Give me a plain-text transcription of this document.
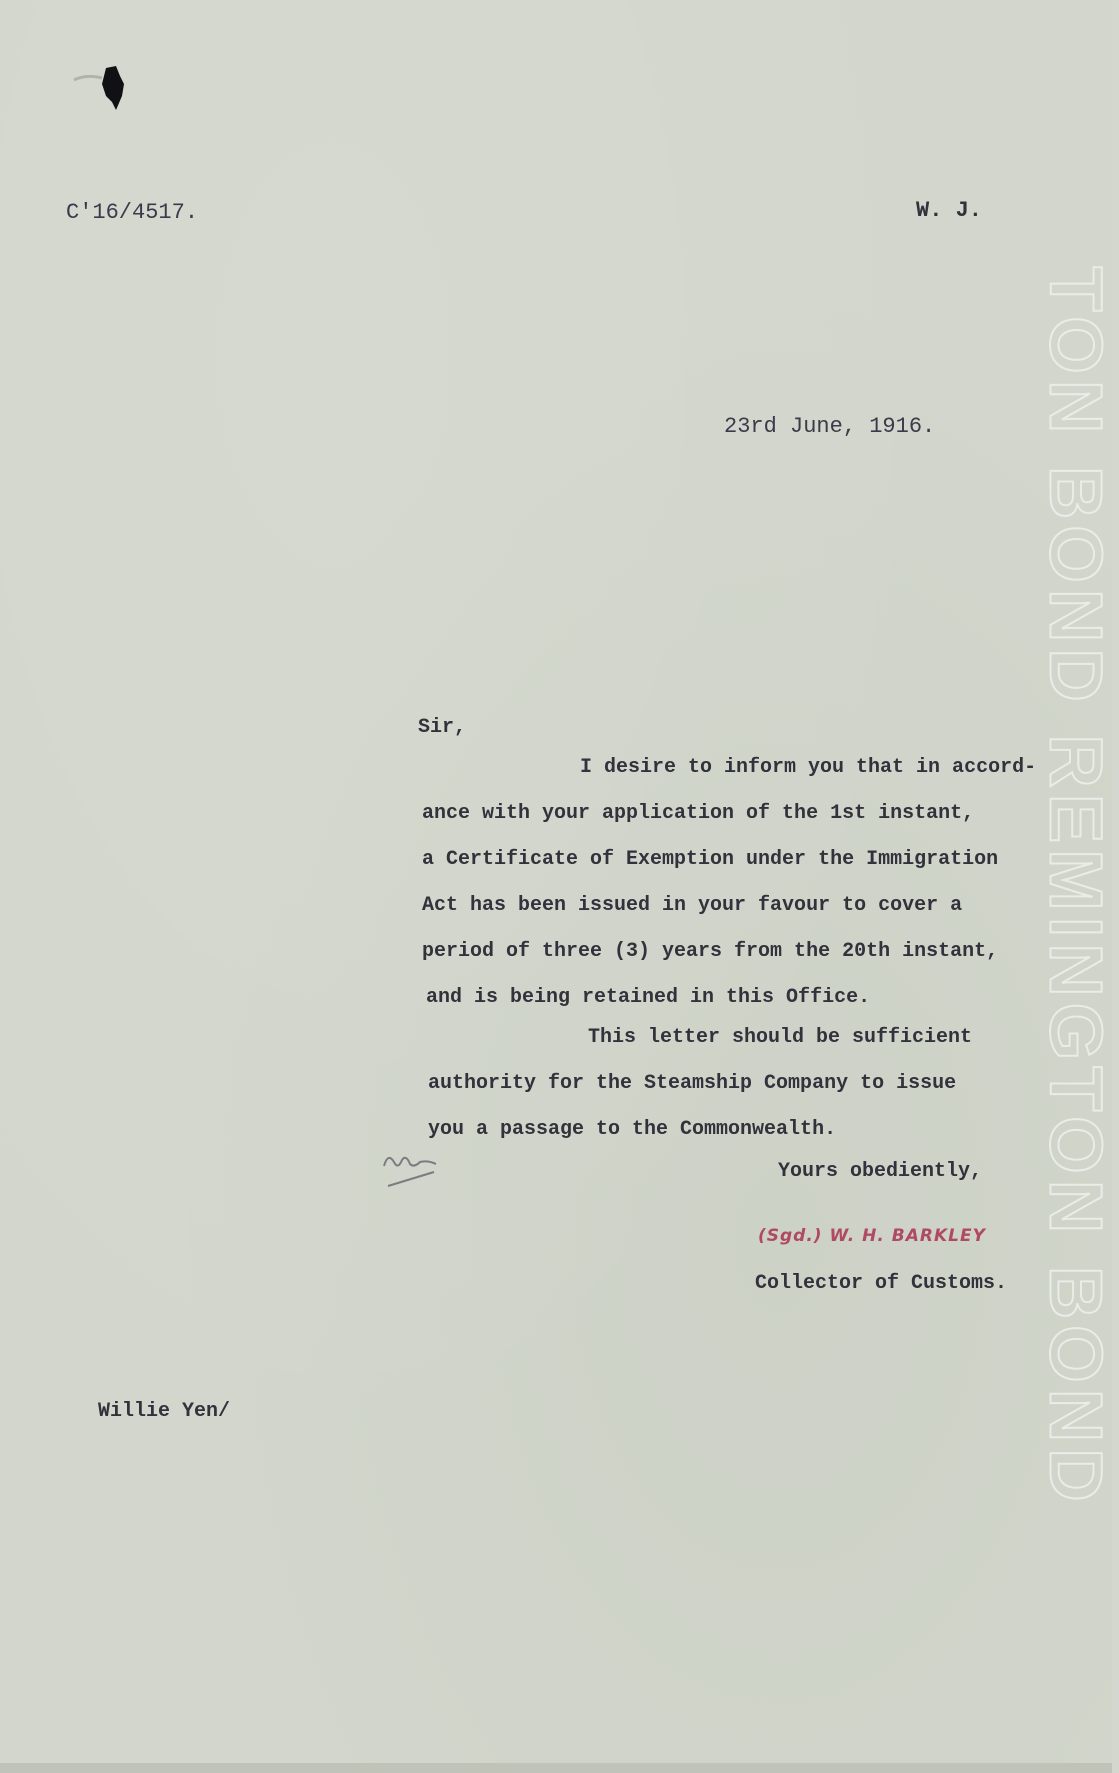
C'16/4517.	W. J.
23rd June, 1916.
Sir,
I desire to inform you that in accord-
ance with your application of the 1st instant,
a Certificate of Exemption under the Immigration
Act has been issued in your favour to cover a
period of three (3) years from the 20th instant,
and is being retained in this Office.
This letter should be sufficient
authority for the Steamship Company to issue
you a passage to the Commonwealth.
Yours obediently,
(Sgd.) W. H. BARKLEY
Collector of Customs.
Willie Yen/	TON BOND REMINGTON BOND
